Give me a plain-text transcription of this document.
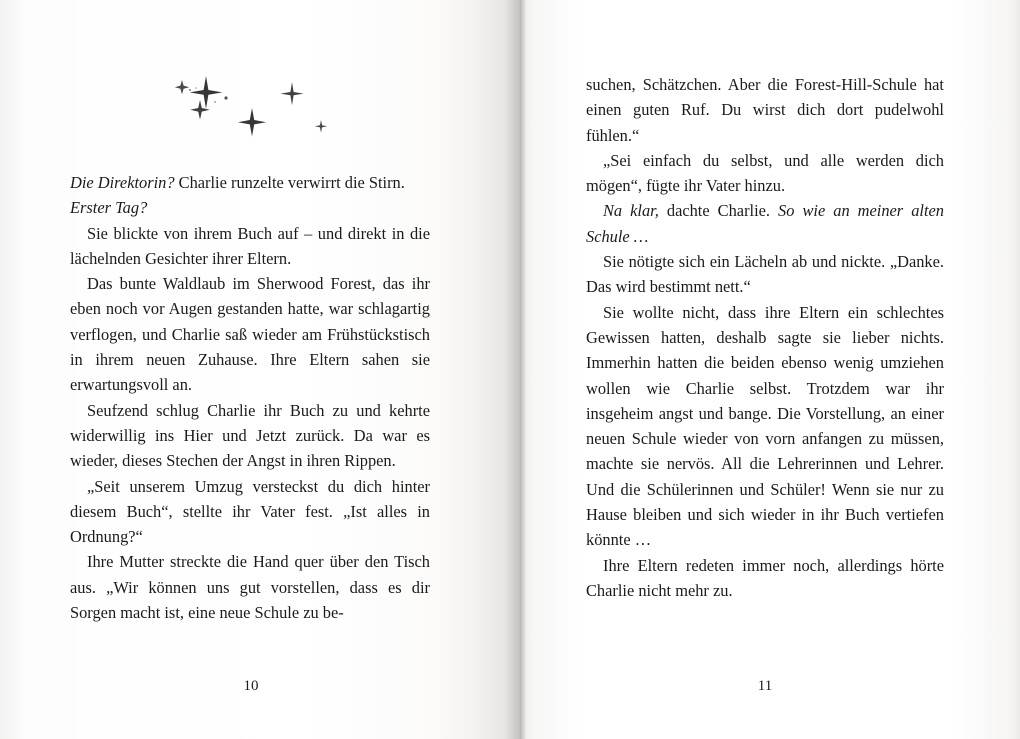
Die Direktorin? Charlie runzelte verwirrt die Stirn.

Erster Tag?

Sie blickte von ihrem Buch auf – und direkt in die lächelnden Gesichter ihrer Eltern.

Das bunte Waldlaub im Sherwood Forest, das ihr eben noch vor Augen gestanden hatte, war schlagartig verflogen, und Charlie saß wieder am Frühstückstisch in ihrem neuen Zuhause. Ihre Eltern sahen sie erwartungsvoll an.

Seufzend schlug Charlie ihr Buch zu und kehrte widerwillig ins Hier und Jetzt zurück. Da war es wieder, dieses Stechen der Angst in ihren Rippen.

„Seit unserem Umzug versteckst du dich hinter diesem Buch“, stellte ihr Vater fest. „Ist alles in Ordnung?“

Ihre Mutter streckte die Hand quer über den Tisch aus. „Wir können uns gut vorstellen, dass es dir Sorgen macht ist, eine neue Schule zu be-

suchen, Schätzchen. Aber die Forest-Hill-Schule hat einen guten Ruf. Du wirst dich dort pudelwohl fühlen.“

„Sei einfach du selbst, und alle werden dich mögen“, fügte ihr Vater hinzu.

Na klar, dachte Charlie. So wie an meiner alten Schule …

Sie nötigte sich ein Lächeln ab und nickte. „Danke. Das wird bestimmt nett.“

Sie wollte nicht, dass ihre Eltern ein schlechtes Gewissen hatten, deshalb sagte sie lieber nichts. Immerhin hatten die beiden ebenso wenig umziehen wollen wie Charlie selbst. Trotzdem war ihr insgeheim angst und bange. Die Vorstellung, an einer neuen Schule wieder von vorn anfangen zu müssen, machte sie nervös. All die Lehrerinnen und Lehrer. Und die Schülerinnen und Schüler! Wenn sie nur zu Hause bleiben und sich wieder in ihr Buch vertiefen könnte …

Ihre Eltern redeten immer noch, allerdings hörte Charlie nicht mehr zu.

10	11
